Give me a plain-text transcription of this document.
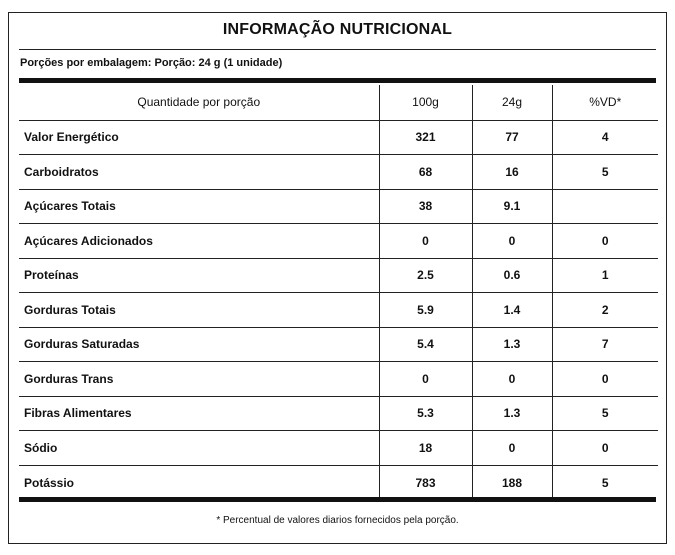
INFORMAÇÃO NUTRICIONAL
Porções por embalagem: Porção: 24 g (1 unidade)
Quantidade por porção	100g	24g	%VD*
Valor Energético	321	77	4
Carboidratos	68	16	5
Açúcares Totais	38	9.1	
Açúcares Adicionados	0	0	0
Proteínas	2.5	0.6	1
Gorduras Totais	5.9	1.4	2
Gorduras Saturadas	5.4	1.3	7
Gorduras Trans	0	0	0
Fibras Alimentares	5.3	1.3	5
Sódio	18	0	0
Potássio	783	188	5
* Percentual de valores diarios fornecidos pela porção.
